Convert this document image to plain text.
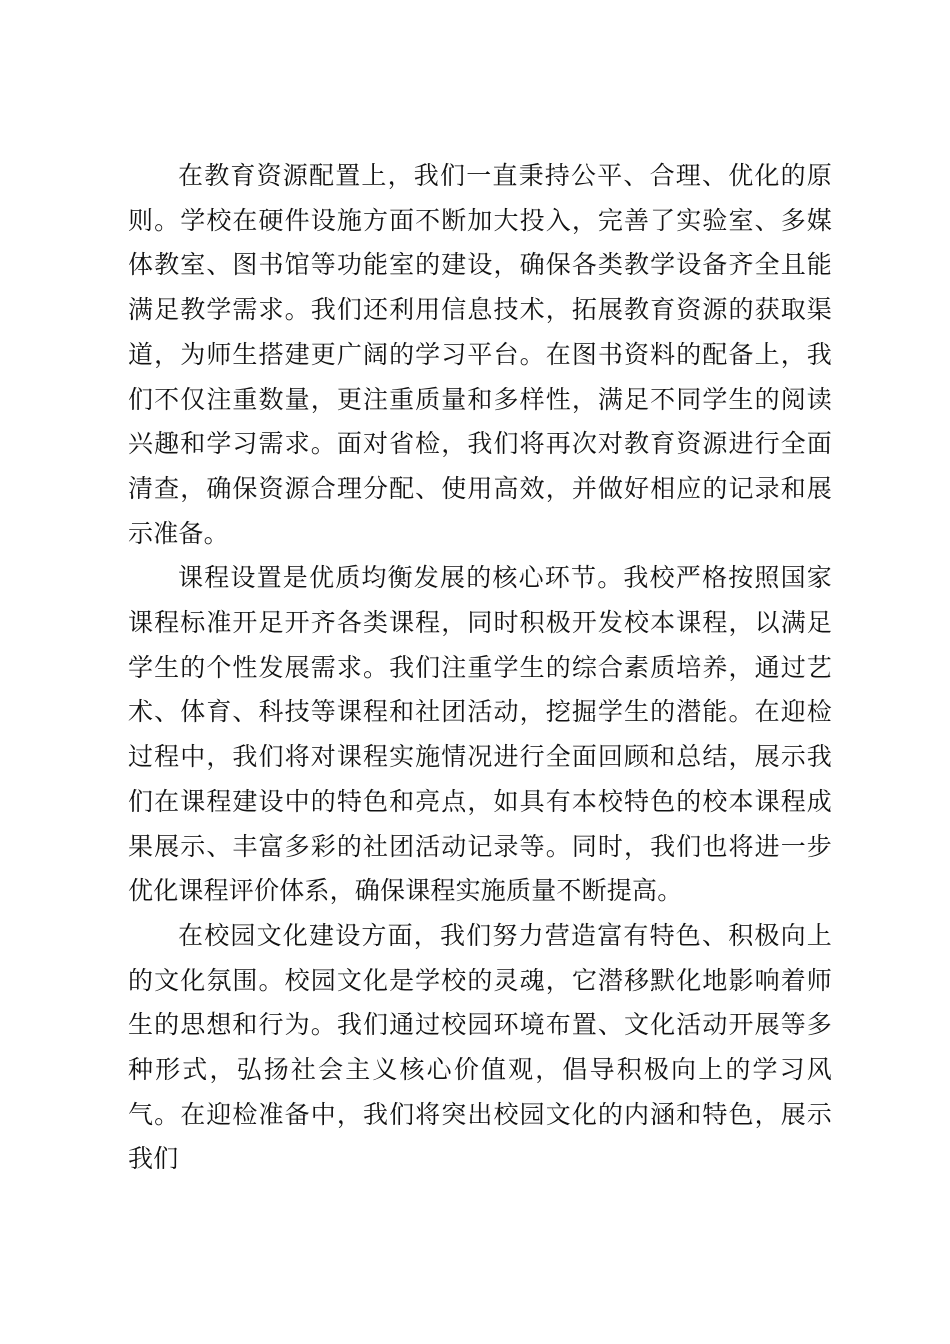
在教育资源配置上，我们一直秉持公平、合理、优化的原则。学校在硬件设施方面不断加大投入，完善了实验室、多媒体教室、图书馆等功能室的建设，确保各类教学设备齐全且能满足教学需求。我们还利用信息技术，拓展教育资源的获取渠道，为师生搭建更广阔的学习平台。在图书资料的配备上，我们不仅注重数量，更注重质量和多样性，满足不同学生的阅读兴趣和学习需求。面对省检，我们将再次对教育资源进行全面清查，确保资源合理分配、使用高效，并做好相应的记录和展示准备。

课程设置是优质均衡发展的核心环节。我校严格按照国家课程标准开足开齐各类课程，同时积极开发校本课程，以满足学生的个性发展需求。我们注重学生的综合素质培养，通过艺术、体育、科技等课程和社团活动，挖掘学生的潜能。在迎检过程中，我们将对课程实施情况进行全面回顾和总结，展示我们在课程建设中的特色和亮点，如具有本校特色的校本课程成果展示、丰富多彩的社团活动记录等。同时，我们也将进一步优化课程评价体系，确保课程实施质量不断提高。

在校园文化建设方面，我们努力营造富有特色、积极向上的文化氛围。校园文化是学校的灵魂，它潜移默化地影响着师生的思想和行为。我们通过校园环境布置、文化活动开展等多种形式，弘扬社会主义核心价值观，倡导积极向上的学习风气。在迎检准备中，我们将突出校园文化的内涵和特色，展示我们
